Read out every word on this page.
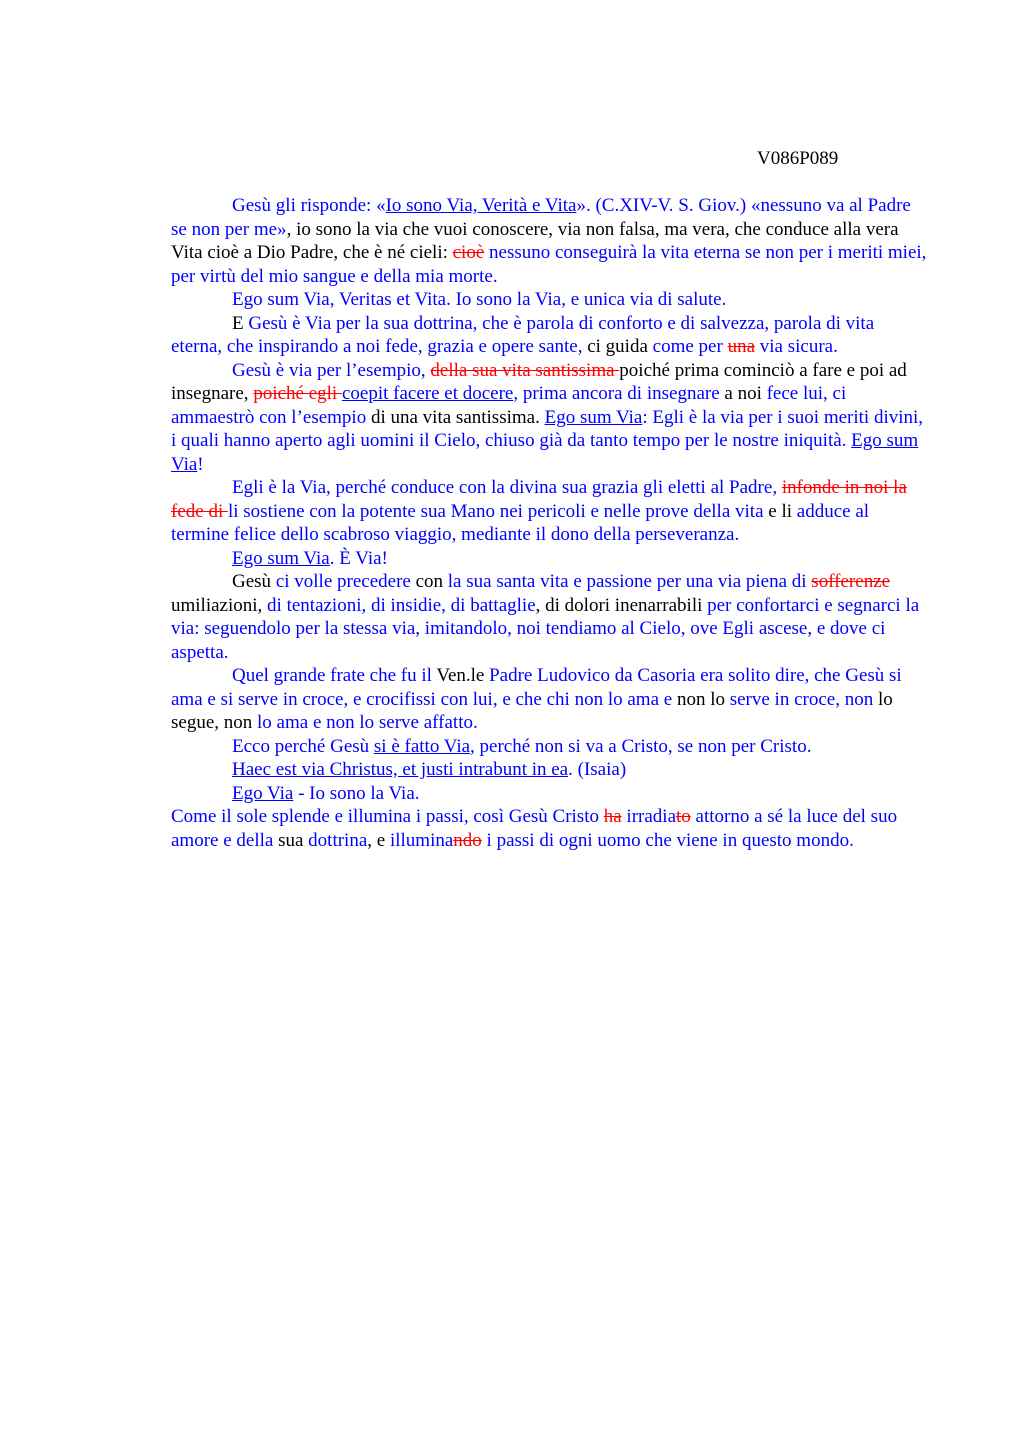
V086P089

Gesù gli risponde: «Io sono Via, Verità e Vita». (C.XIV-V. S. Giov.) «nessuno va al Padre se non per me», io sono la via che vuoi conoscere, via non falsa, ma vera, che conduce alla vera Vita cioè a Dio Padre, che è né cieli: cioè nessuno conseguirà la vita eterna se non per i meriti miei, per virtù del mio sangue e della mia morte.

Ego sum Via, Veritas et Vita. Io sono la Via, e unica via di salute.

E Gesù è Via per la sua dottrina, che è parola di conforto e di salvezza, parola di vita eterna, che inspirando a noi fede, grazia e opere sante, ci guida come per una via sicura.

Gesù è via per l’esempio, della sua vita santissima poiché prima cominciò a fare e poi ad insegnare, poiché egli coepit facere et docere, prima ancora di insegnare a noi fece lui, ci ammaestrò con l’esempio di una vita santissima. Ego sum Via: Egli è la via per i suoi meriti divini, i quali hanno aperto agli uomini il Cielo, chiuso già da tanto tempo per le nostre iniquità. Ego sum Via!

Egli è la Via, perché conduce con la divina sua grazia gli eletti al Padre, infonde in noi la fede di li sostiene con la potente sua Mano nei pericoli e nelle prove della vita e li adduce al termine felice dello scabroso viaggio, mediante il dono della perseveranza.

Ego sum Via. È Via!

Gesù ci volle precedere con la sua santa vita e passione per una via piena di sofferenze umiliazioni, di tentazioni, di insidie, di battaglie, di dolori inenarrabili per confortarci e segnarci la via: seguendolo per la stessa via, imitandolo, noi tendiamo al Cielo, ove Egli ascese, e dove ci aspetta.

Quel grande frate che fu il Ven.le Padre Ludovico da Casoria era solito dire, che Gesù si ama e si serve in croce, e crocifissi con lui, e che chi non lo ama e non lo serve in croce, non lo segue, non lo ama e non lo serve affatto.

Ecco perché Gesù si è fatto Via, perché non si va a Cristo, se non per Cristo.

Haec est via Christus, et justi intrabunt in ea. (Isaia)

Ego Via - Io sono la Via.

Come il sole splende e illumina i passi, così Gesù Cristo ha irradiato attorno a sé la luce del suo amore e della sua dottrina, e illuminando i passi di ogni uomo che viene in questo mondo.
